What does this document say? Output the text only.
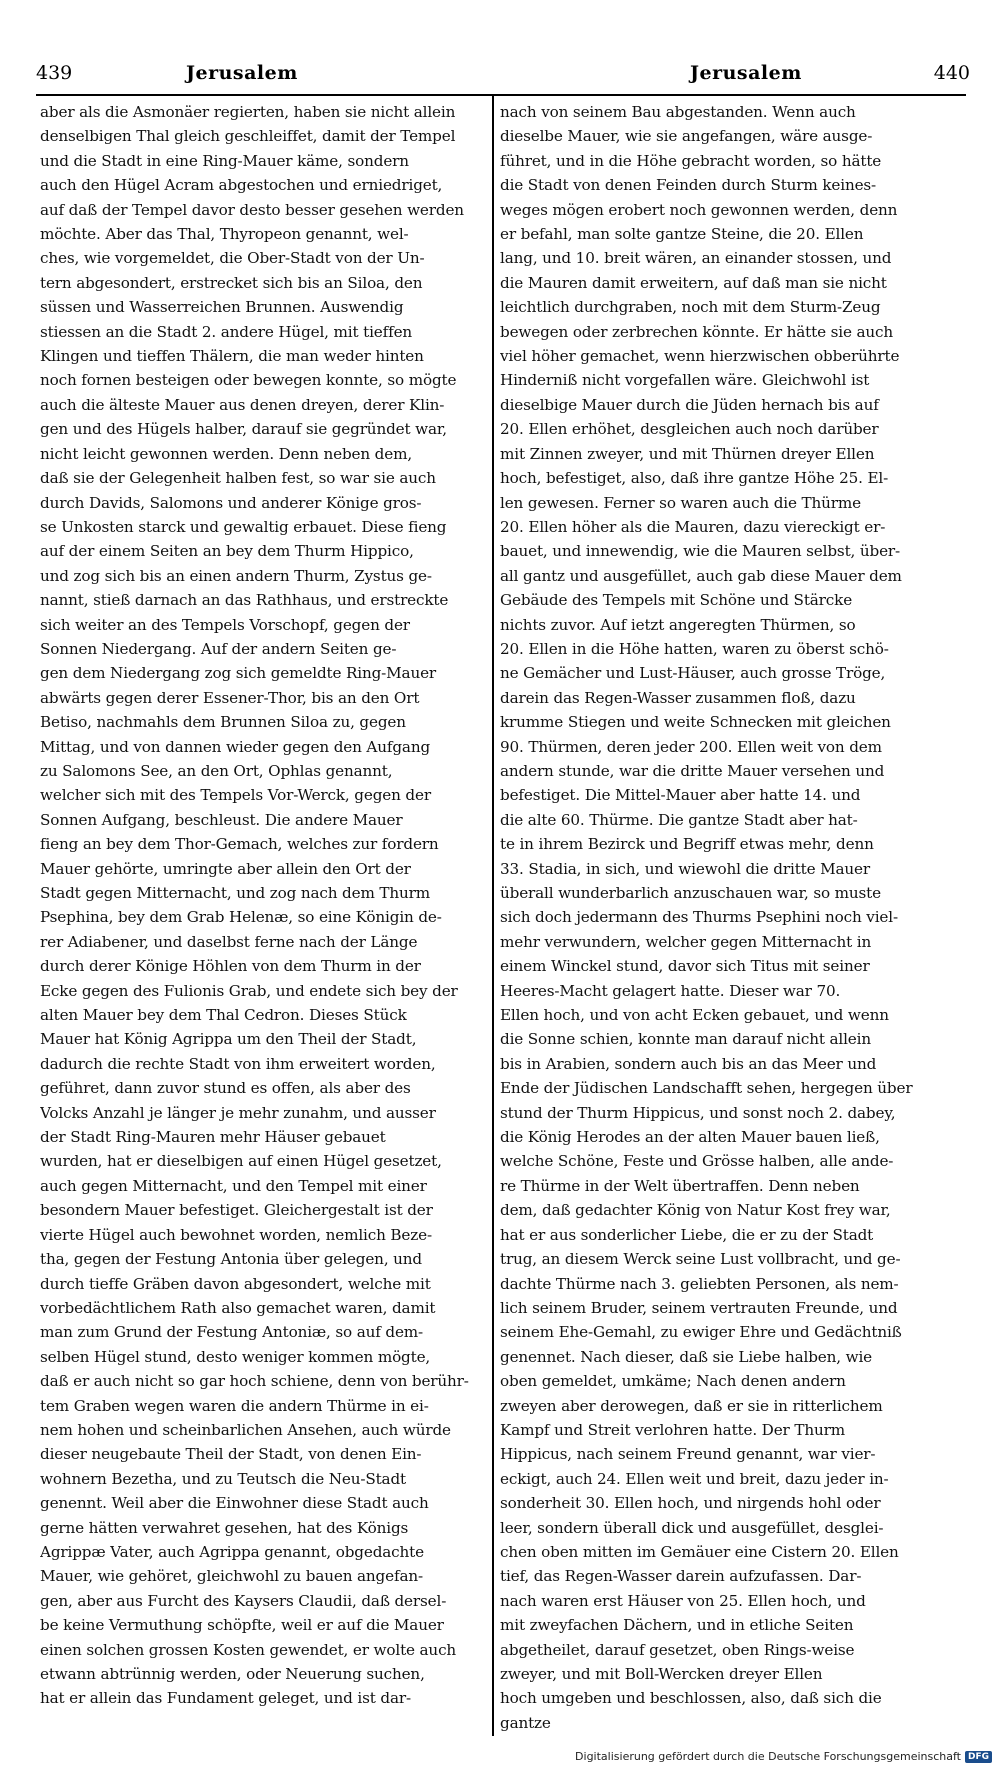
439	Jerusalem	Jerusalem	440
aber als die Asmonäer regierten, haben sie nicht allein
denselbigen Thal gleich geschleiffet, damit der Tempel
und die Stadt in eine Ring-Mauer käme, sondern
auch den Hügel Acram abgestochen und erniedriget,
auf daß der Tempel davor desto besser gesehen werden
möchte. Aber das Thal, Thyropeon genannt, wel-
ches, wie vorgemeldet, die Ober-Stadt von der Un-
tern abgesondert, erstrecket sich bis an Siloa, den
süssen und Wasserreichen Brunnen. Auswendig
stiessen an die Stadt 2. andere Hügel, mit tieffen
Klingen und tieffen Thälern, die man weder hinten
noch fornen besteigen oder bewegen konnte, so mögte
auch die älteste Mauer aus denen dreyen, derer Klin-
gen und des Hügels halber, darauf sie gegründet war,
nicht leicht gewonnen werden. Denn neben dem,
daß sie der Gelegenheit halben fest, so war sie auch
durch Davids, Salomons und anderer Könige gros-
se Unkosten starck und gewaltig erbauet. Diese fieng
auf der einem Seiten an bey dem Thurm Hippico,
und zog sich bis an einen andern Thurm, Zystus ge-
nannt, stieß darnach an das Rathhaus, und erstreckte
sich weiter an des Tempels Vorschopf, gegen der
Sonnen Niedergang. Auf der andern Seiten ge-
gen dem Niedergang zog sich gemeldte Ring-Mauer
abwärts gegen derer Essener-Thor, bis an den Ort
Betiso, nachmahls dem Brunnen Siloa zu, gegen
Mittag, und von dannen wieder gegen den Aufgang
zu Salomons See, an den Ort, Ophlas genannt,
welcher sich mit des Tempels Vor-Werck, gegen der
Sonnen Aufgang, beschleust. Die andere Mauer
fieng an bey dem Thor-Gemach, welches zur fordern
Mauer gehörte, umringte aber allein den Ort der
Stadt gegen Mitternacht, und zog nach dem Thurm
Psephina, bey dem Grab Helenæ, so eine Königin de-
rer Adiabener, und daselbst ferne nach der Länge
durch derer Könige Höhlen von dem Thurm in der
Ecke gegen des Fulionis Grab, und endete sich bey der
alten Mauer bey dem Thal Cedron. Dieses Stück
Mauer hat König Agrippa um den Theil der Stadt,
dadurch die rechte Stadt von ihm erweitert worden,
geführet, dann zuvor stund es offen, als aber des
Volcks Anzahl je länger je mehr zunahm, und ausser
der Stadt Ring-Mauren mehr Häuser gebauet
wurden, hat er dieselbigen auf einen Hügel gesetzet,
auch gegen Mitternacht, und den Tempel mit einer
besondern Mauer befestiget. Gleichergestalt ist der
vierte Hügel auch bewohnet worden, nemlich Beze-
tha, gegen der Festung Antonia über gelegen, und
durch tieffe Gräben davon abgesondert, welche mit
vorbedächtlichem Rath also gemachet waren, damit
man zum Grund der Festung Antoniæ, so auf dem-
selben Hügel stund, desto weniger kommen mögte,
daß er auch nicht so gar hoch schiene, denn von berühr-
tem Graben wegen waren die andern Thürme in ei-
nem hohen und scheinbarlichen Ansehen, auch würde
dieser neugebaute Theil der Stadt, von denen Ein-
wohnern Bezetha, und zu Teutsch die Neu-Stadt
genennt. Weil aber die Einwohner diese Stadt auch
gerne hätten verwahret gesehen, hat des Königs
Agrippæ Vater, auch Agrippa genannt, obgedachte
Mauer, wie gehöret, gleichwohl zu bauen angefan-
gen, aber aus Furcht des Kaysers Claudii, daß dersel-
be keine Vermuthung schöpfte, weil er auf die Mauer
einen solchen grossen Kosten gewendet, er wolte auch
etwann abtrünnig werden, oder Neuerung suchen,
hat er allein das Fundament geleget, und ist dar-
nach von seinem Bau abgestanden. Wenn auch
dieselbe Mauer, wie sie angefangen, wäre ausge-
führet, und in die Höhe gebracht worden, so hätte
die Stadt von denen Feinden durch Sturm keines-
weges mögen erobert noch gewonnen werden, denn
er befahl, man solte gantze Steine, die 20. Ellen
lang, und 10. breit wären, an einander stossen, und
die Mauren damit erweitern, auf daß man sie nicht
leichtlich durchgraben, noch mit dem Sturm-Zeug
bewegen oder zerbrechen könnte. Er hätte sie auch
viel höher gemachet, wenn hierzwischen obberührte
Hinderniß nicht vorgefallen wäre. Gleichwohl ist
dieselbige Mauer durch die Jüden hernach bis auf
20. Ellen erhöhet, desgleichen auch noch darüber
mit Zinnen zweyer, und mit Thürnen dreyer Ellen
hoch, befestiget, also, daß ihre gantze Höhe 25. El-
len gewesen. Ferner so waren auch die Thürme
20. Ellen höher als die Mauren, dazu viereckigt er-
bauet, und innewendig, wie die Mauren selbst, über-
all gantz und ausgefüllet, auch gab diese Mauer dem
Gebäude des Tempels mit Schöne und Stärcke
nichts zuvor. Auf ietzt angeregten Thürmen, so
20. Ellen in die Höhe hatten, waren zu öberst schö-
ne Gemächer und Lust-Häuser, auch grosse Tröge,
darein das Regen-Wasser zusammen floß, dazu
krumme Stiegen und weite Schnecken mit gleichen
90. Thürmen, deren jeder 200. Ellen weit von dem
andern stunde, war die dritte Mauer versehen und
befestiget. Die Mittel-Mauer aber hatte 14. und
die alte 60. Thürme. Die gantze Stadt aber hat-
te in ihrem Bezirck und Begriff etwas mehr, denn
33. Stadia, in sich, und wiewohl die dritte Mauer
überall wunderbarlich anzuschauen war, so muste
sich doch jedermann des Thurms Psephini noch viel-
mehr verwundern, welcher gegen Mitternacht in
einem Winckel stund, davor sich Titus mit seiner
Heeres-Macht gelagert hatte. Dieser war 70.
Ellen hoch, und von acht Ecken gebauet, und wenn
die Sonne schien, konnte man darauf nicht allein
bis in Arabien, sondern auch bis an das Meer und
Ende der Jüdischen Landschafft sehen, hergegen über
stund der Thurm Hippicus, und sonst noch 2. dabey,
die König Herodes an der alten Mauer bauen ließ,
welche Schöne, Feste und Grösse halben, alle ande-
re Thürme in der Welt übertraffen. Denn neben
dem, daß gedachter König von Natur Kost frey war,
hat er aus sonderlicher Liebe, die er zu der Stadt
trug, an diesem Werck seine Lust vollbracht, und ge-
dachte Thürme nach 3. geliebten Personen, als nem-
lich seinem Bruder, seinem vertrauten Freunde, und
seinem Ehe-Gemahl, zu ewiger Ehre und Gedächtniß
genennet. Nach dieser, daß sie Liebe halben, wie
oben gemeldet, umkäme; Nach denen andern
zweyen aber derowegen, daß er sie in ritterlichem
Kampf und Streit verlohren hatte. Der Thurm
Hippicus, nach seinem Freund genannt, war vier-
eckigt, auch 24. Ellen weit und breit, dazu jeder in-
sonderheit 30. Ellen hoch, und nirgends hohl oder
leer, sondern überall dick und ausgefüllet, desglei-
chen oben mitten im Gemäuer eine Cistern 20. Ellen
tief, das Regen-Wasser darein aufzufassen. Dar-
nach waren erst Häuser von 25. Ellen hoch, und
mit zweyfachen Dächern, und in etliche Seiten
abgetheilet, darauf gesetzet, oben Rings-weise
zweyer, und mit Boll-Wercken dreyer Ellen
hoch umgeben und beschlossen, also, daß sich die
gantze
Digitalisierung gefördert durch die Deutsche Forschungsgemeinschaft DFG
